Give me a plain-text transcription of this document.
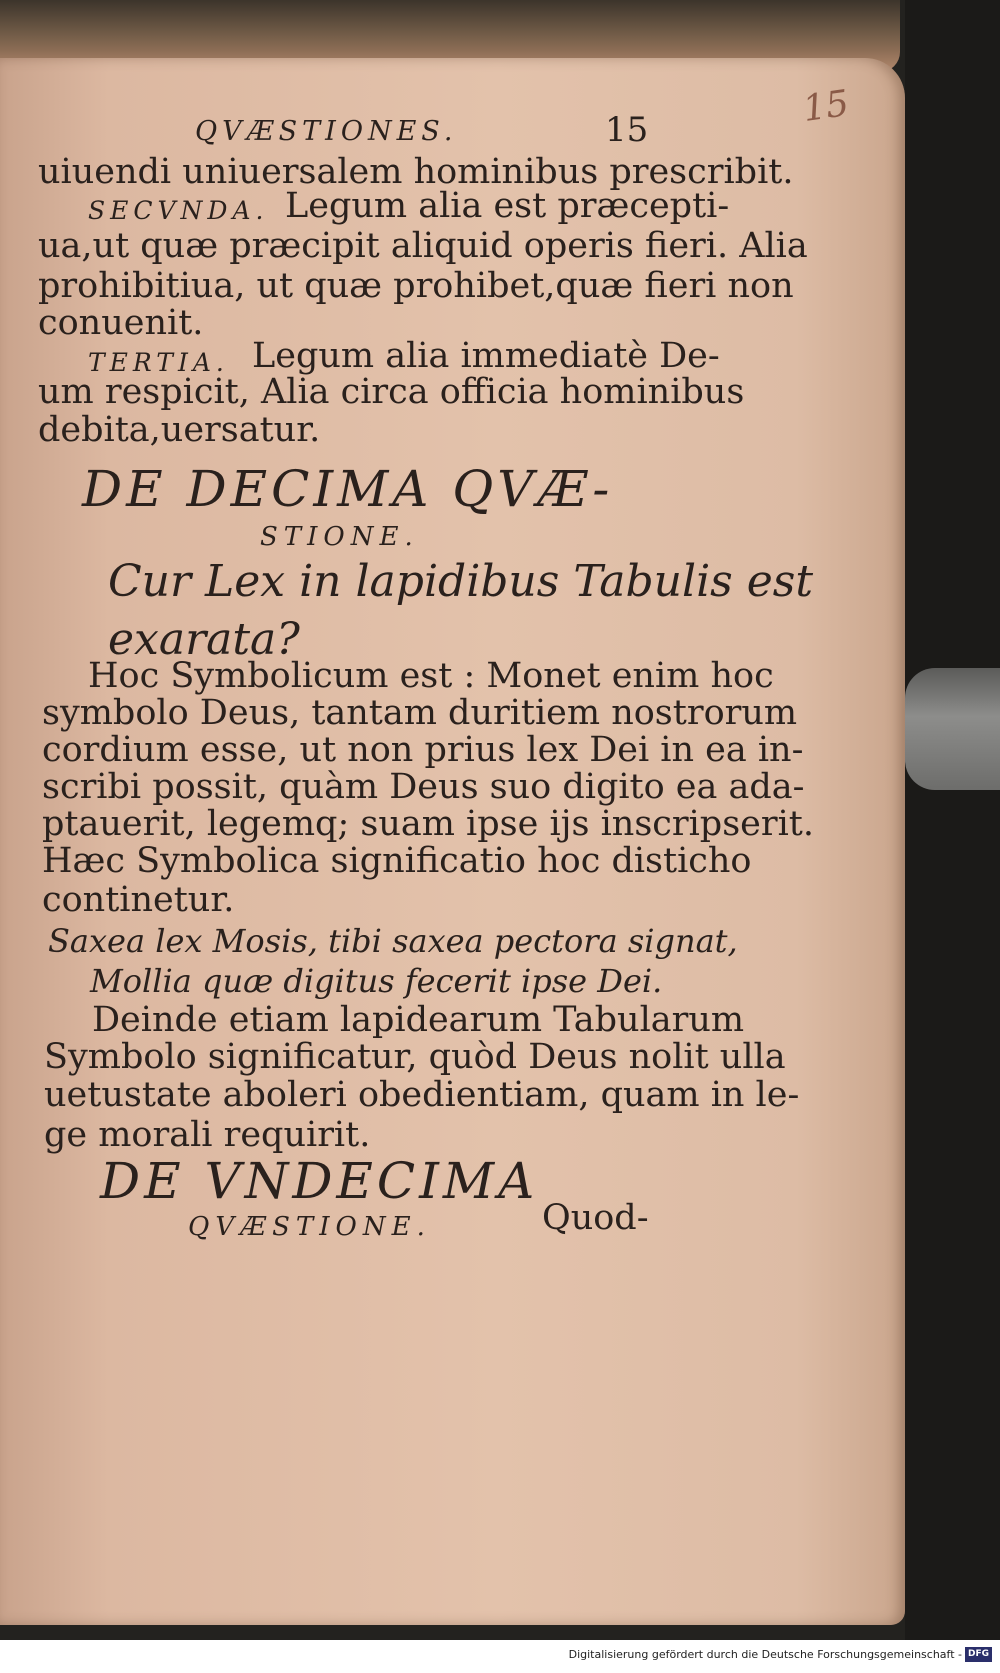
15
QVÆSTIONES.	15
uiuendi uniuersalem hominibus prescribit.
SECVNDA. Legum alia est præcepti-
ua,ut quæ præcipit aliquid operis fieri. Alia
prohibitiua, ut quæ prohibet,quæ fieri non
conuenit.
TERTIA. Legum alia immediatè De-
um respicit, Alia circa officia hominibus
debita,uersatur.
DE DECIMA QVÆ-
STIONE.
Cur Lex in lapidibus Tabulis est
exarata?
Hoc Symbolicum est : Monet enim hoc
symbolo Deus, tantam duritiem nostrorum
cordium esse, ut non prius lex Dei in ea in-
scribi possit, quàm Deus suo digito ea ada-
ptauerit, legemq; suam ipse ijs inscripserit.
Hæc Symbolica significatio hoc disticho
continetur.
Saxea lex Mosis, tibi saxea pectora signat,
Mollia quæ digitus fecerit ipse Dei.
Deinde etiam lapidearum Tabularum
Symbolo significatur, quòd Deus nolit ulla
uetustate aboleri obedientiam, quam in le-
ge morali requirit.
DE VNDECIMA
QVÆSTIONE.	Quod-
Digitalisierung gefördert durch die Deutsche Forschungsgemeinschaft - DFG
